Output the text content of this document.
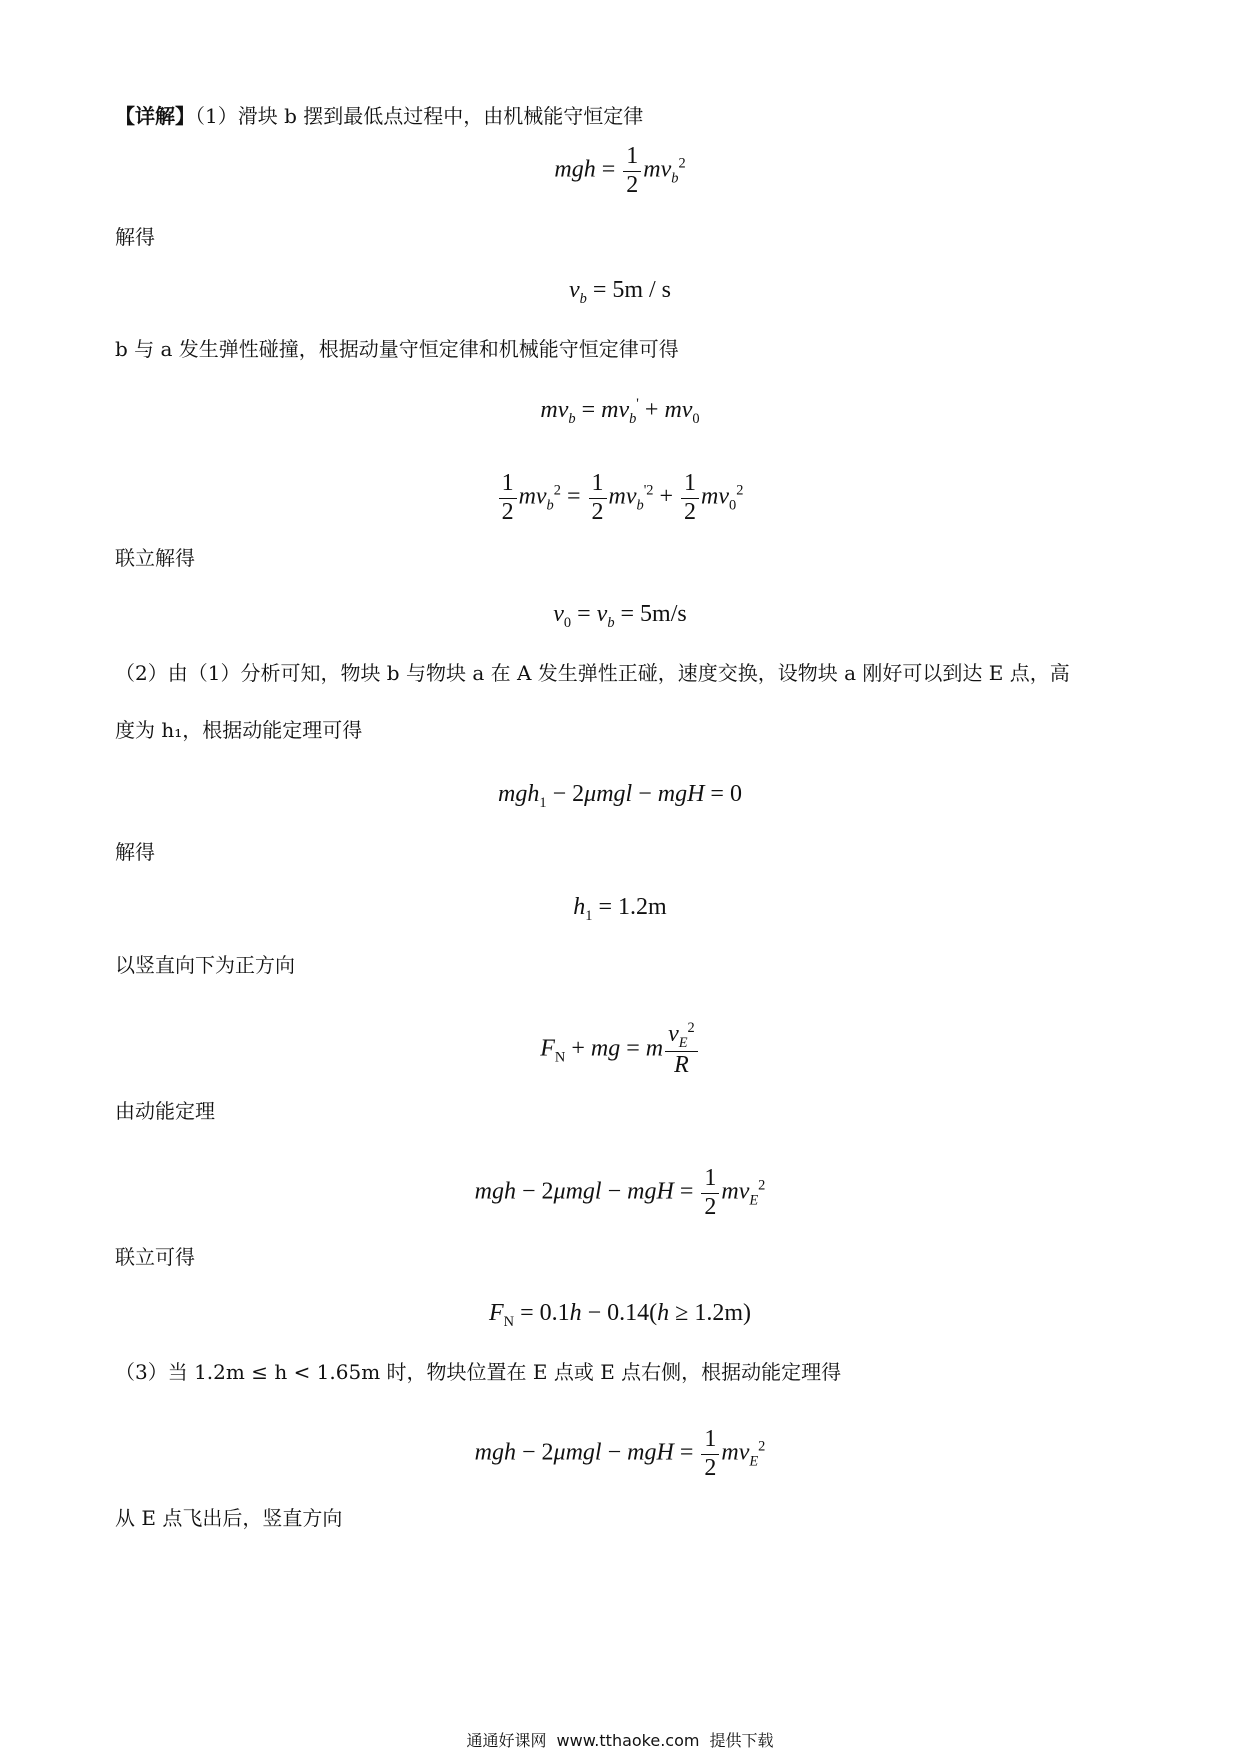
【详解】（1）滑块 b 摆到最低点过程中，由机械能守恒定律
mgh = $\frac{1}{2} mv_b^2$
解得
$v_b = 5m / s$
b 与 a 发生弹性碰撞，根据动量守恒定律和机械能守恒定律可得
$mv_b = mv_b' + mv_0$
$\frac{1}{2} mv_b^2 = \frac{1}{2} mv_b^{'2} + \frac{1}{2} mv_0^2$
联立解得
$v_0 = v_b = 5m/s$
（2）由（1）分析可知，物块 b 与物块 a 在 A 发生弹性正碰，速度交换，设物块 a 刚好可以到达 E 点，高
度为 h₁，根据动能定理可得
mgh$_1$ − 2μmgl − mgH = 0
解得
$h_1 = 1.2m$
以竖直向下为正方向
$F_N$ + mg = m $\frac{v_E^2}{R}$
由动能定理
mgh − 2μmgl − mgH = $\frac{1}{2} mv_E^2$
联立可得
$F_N = 0.1h - 0.14(h \ge 1.2m)$
（3）当 1.2m ≤ h < 1.65m 时，物块位置在 E 点或 E 点右侧，根据动能定理得
mgh − 2μmgl − mgH = $\frac{1}{2} mv_E^2$
从 E 点飞出后，竖直方向
通通好课网 www.tthaoke.com 提供下载
